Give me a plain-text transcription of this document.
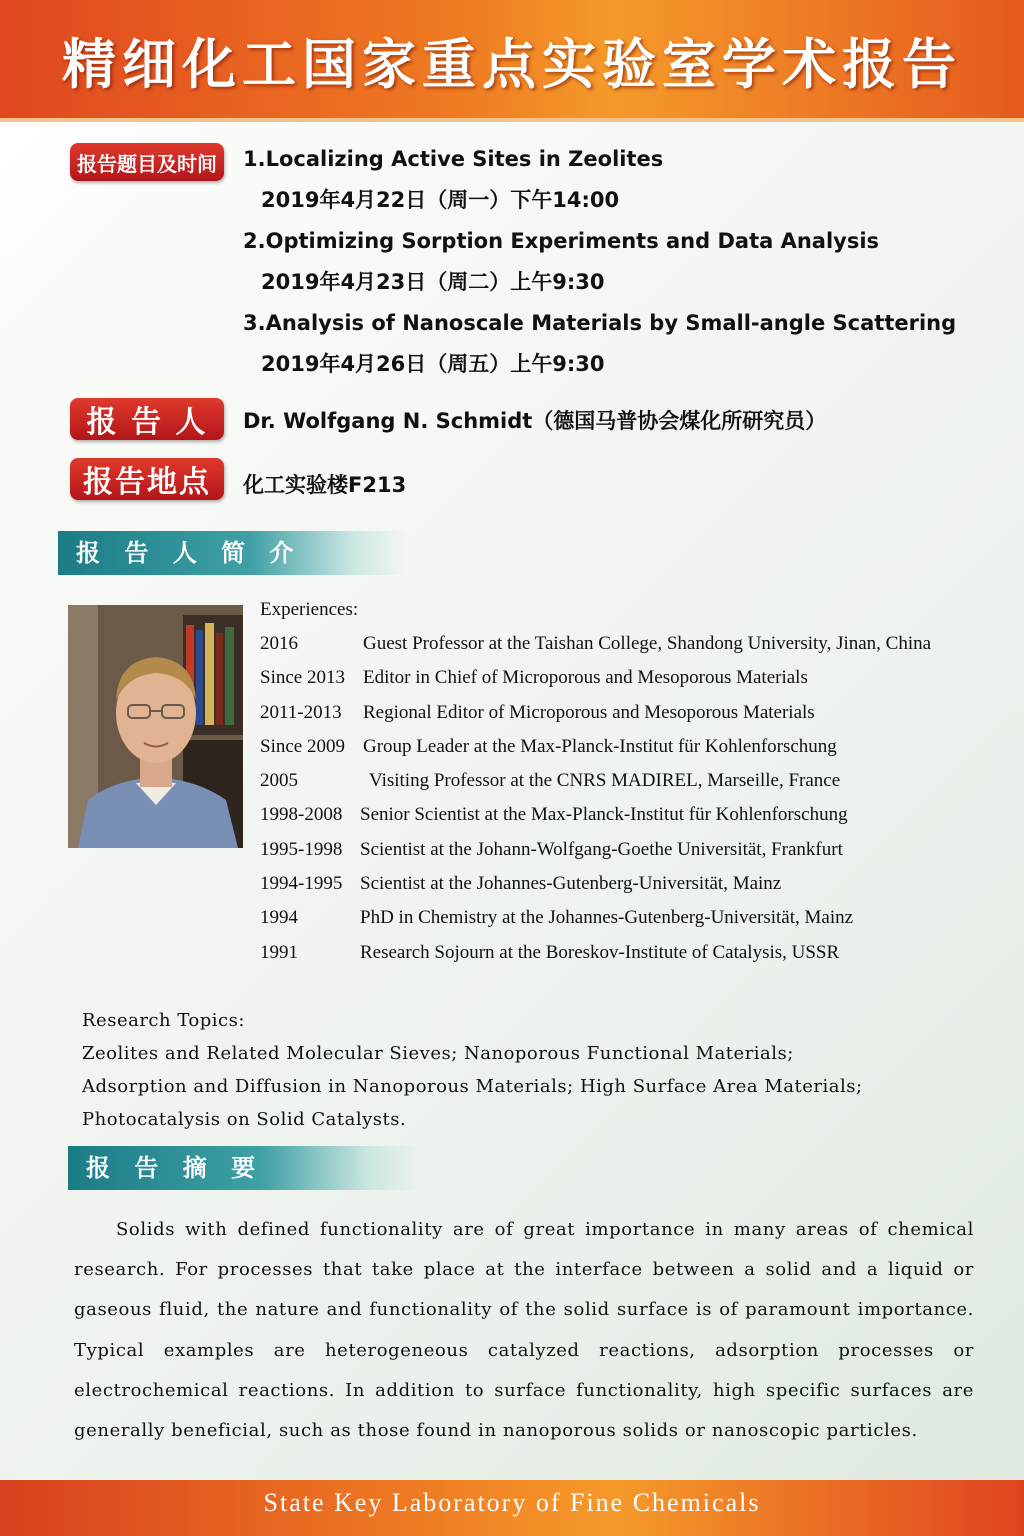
精细化工国家重点实验室学术报告
报告题目及时间	1.Localizing Active Sites in Zeolites
2019年4月22日（周一）下午14:00
2.Optimizing Sorption Experiments and Data Analysis
2019年4月23日（周二）上午9:30
3.Analysis of Nanoscale Materials by Small-angle Scattering
2019年4月26日（周五）上午9:30
报 告 人	Dr. Wolfgang N. Schmidt（德国马普协会煤化所研究员）
报告地点	化工实验楼F213
报 告 人 简 介
Experiences:
2016	Guest Professor at the Taishan College, Shandong University, Jinan, China
Since 2013 Editor in Chief of Microporous and Mesoporous Materials
2011-2013 Regional Editor of Microporous and Mesoporous Materials
Since 2009 Group Leader at the Max-Planck-Institut für Kohlenforschung
2005	Visiting Professor at the CNRS MADIREL, Marseille, France
1998-2008 Senior Scientist at the Max-Planck-Institut für Kohlenforschung
1995-1998 Scientist at the Johann-Wolfgang-Goethe Universität, Frankfurt
1994-1995 Scientist at the Johannes-Gutenberg-Universität, Mainz
1994	PhD in Chemistry at the Johannes-Gutenberg-Universität, Mainz
1991	Research Sojourn at the Boreskov-Institute of Catalysis, USSR
Research Topics:
Zeolites and Related Molecular Sieves; Nanoporous Functional Materials;
Adsorption and Diffusion in Nanoporous Materials; High Surface Area Materials;
Photocatalysis on Solid Catalysts.
报 告 摘 要
Solids with defined functionality are of great importance in many areas of chemical research. For processes that take place at the interface between a solid and a liquid or gaseous fluid, the nature and functionality of the solid surface is of paramount importance. Typical examples are heterogeneous catalyzed reactions, adsorption processes or electrochemical reactions. In addition to surface functionality, high specific surfaces are generally beneficial, such as those found in nanoporous solids or nanoscopic particles.
State Key Laboratory of Fine Chemicals
